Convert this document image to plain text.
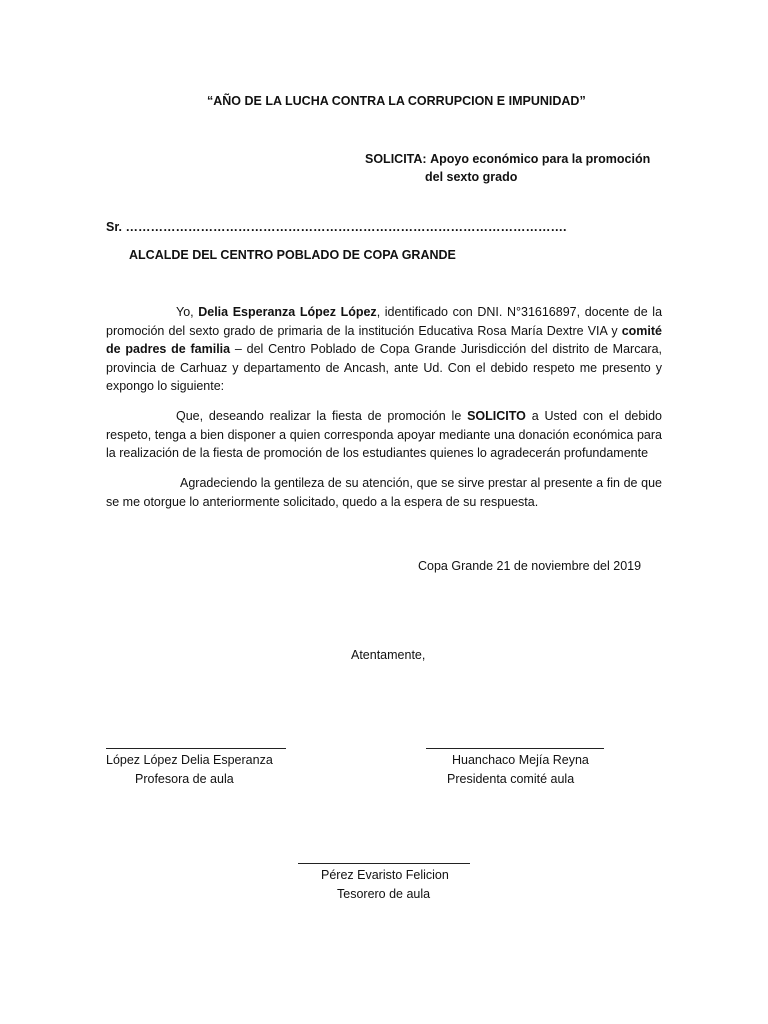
“AÑO DE LA LUCHA CONTRA LA CORRUPCION E IMPUNIDAD”
SOLICITA: Apoyo económico para la promoción
del sexto grado
Sr. …………………………………………………………………………………………….
ALCALDE DEL CENTRO POBLADO DE COPA GRANDE
Yo, Delia Esperanza López López, identificado con DNI. N°31616897, docente de la promoción del sexto grado de primaria de la institución Educativa Rosa María Dextre VIA y comité de padres de familia – del Centro Poblado de Copa Grande Jurisdicción del distrito de Marcara, provincia de Carhuaz y departamento de Ancash, ante Ud. Con el debido respeto me presento y expongo lo siguiente:
Que, deseando realizar la fiesta de promoción le SOLICITO a Usted con el debido respeto, tenga a bien disponer a quien corresponda apoyar mediante una donación económica para la realización de la fiesta de promoción de los estudiantes quienes lo agradecerán profundamente
Agradeciendo la gentileza de su atención, que se sirve prestar al presente a fin de que se me otorgue lo anteriormente solicitado, quedo a la espera de su respuesta.
Copa Grande 21 de noviembre del 2019
Atentamente,
López López Delia Esperanza
Profesora de aula
Huanchaco Mejía Reyna
Presidenta comité aula
Pérez Evaristo Felicion
Tesorero de aula
